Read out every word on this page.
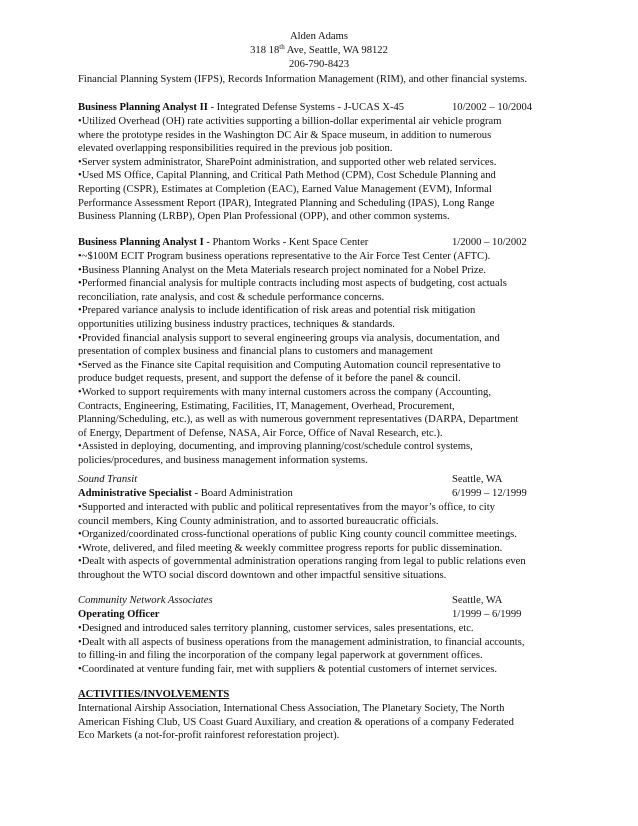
Alden Adams
318 18th Ave, Seattle, WA 98122
206-790-8423
Financial Planning System (IFPS), Records Information Management (RIM), and other financial systems.
Business Planning Analyst II - Integrated Defense Systems - J-UCAS X-45	10/2002 – 10/2004
•Utilized Overhead (OH) rate activities supporting a billion-dollar experimental air vehicle program
where the prototype resides in the Washington DC Air & Space museum, in addition to numerous
elevated overlapping responsibilities required in the previous job position.
•Server system administrator, SharePoint administration, and supported other web related services.
•Used MS Office, Capital Planning, and Critical Path Method (CPM), Cost Schedule Planning and
Reporting (CSPR), Estimates at Completion (EAC), Earned Value Management (EVM), Informal
Performance Assessment Report (IPAR), Integrated Planning and Scheduling (IPAS), Long Range
Business Planning (LRBP), Open Plan Professional (OPP), and other common systems.
Business Planning Analyst I - Phantom Works - Kent Space Center	1/2000 – 10/2002
•~$100M ECIT Program business operations representative to the Air Force Test Center (AFTC).
•Business Planning Analyst on the Meta Materials research project nominated for a Nobel Prize.
•Performed financial analysis for multiple contracts including most aspects of budgeting, cost actuals
reconciliation, rate analysis, and cost & schedule performance concerns.
•Prepared variance analysis to include identification of risk areas and potential risk mitigation
opportunities utilizing business industry practices, techniques & standards.
•Provided financial analysis support to several engineering groups via analysis, documentation, and
presentation of complex business and financial plans to customers and management
•Served as the Finance site Capital requisition and Computing Automation council representative to
produce budget requests, present, and support the defense of it before the panel & council.
•Worked to support requirements with many internal customers across the company (Accounting,
Contracts, Engineering, Estimating, Facilities, IT, Management, Overhead, Procurement,
Planning/Scheduling, etc.), as well as with numerous government representatives (DARPA, Department
of Energy, Department of Defense, NASA, Air Force, Office of Naval Research, etc.).
•Assisted in deploying, documenting, and improving planning/cost/schedule control systems,
policies/procedures, and business management information systems.
Sound Transit	Seattle, WA
Administrative Specialist - Board Administration	6/1999 – 12/1999
•Supported and interacted with public and political representatives from the mayor’s office, to city
council members, King County administration, and to assorted bureaucratic officials.
•Organized/coordinated cross-functional operations of public King county council committee meetings.
•Wrote, delivered, and filed meeting & weekly committee progress reports for public dissemination.
•Dealt with aspects of governmental administration operations ranging from legal to public relations even
throughout the WTO social discord downtown and other impactful sensitive situations.
Community Network Associates	Seattle, WA
Operating Officer	1/1999 – 6/1999
•Designed and introduced sales territory planning, customer services, sales presentations, etc.
•Dealt with all aspects of business operations from the management administration, to financial accounts,
to filling-in and filing the incorporation of the company legal paperwork at government offices.
•Coordinated at venture funding fair, met with suppliers & potential customers of internet services.
ACTIVITIES/INVOLVEMENTS
International Airship Association, International Chess Association, The Planetary Society, The North
American Fishing Club, US Coast Guard Auxiliary, and creation & operations of a company Federated
Eco Markets (a not-for-profit rainforest reforestation project).
